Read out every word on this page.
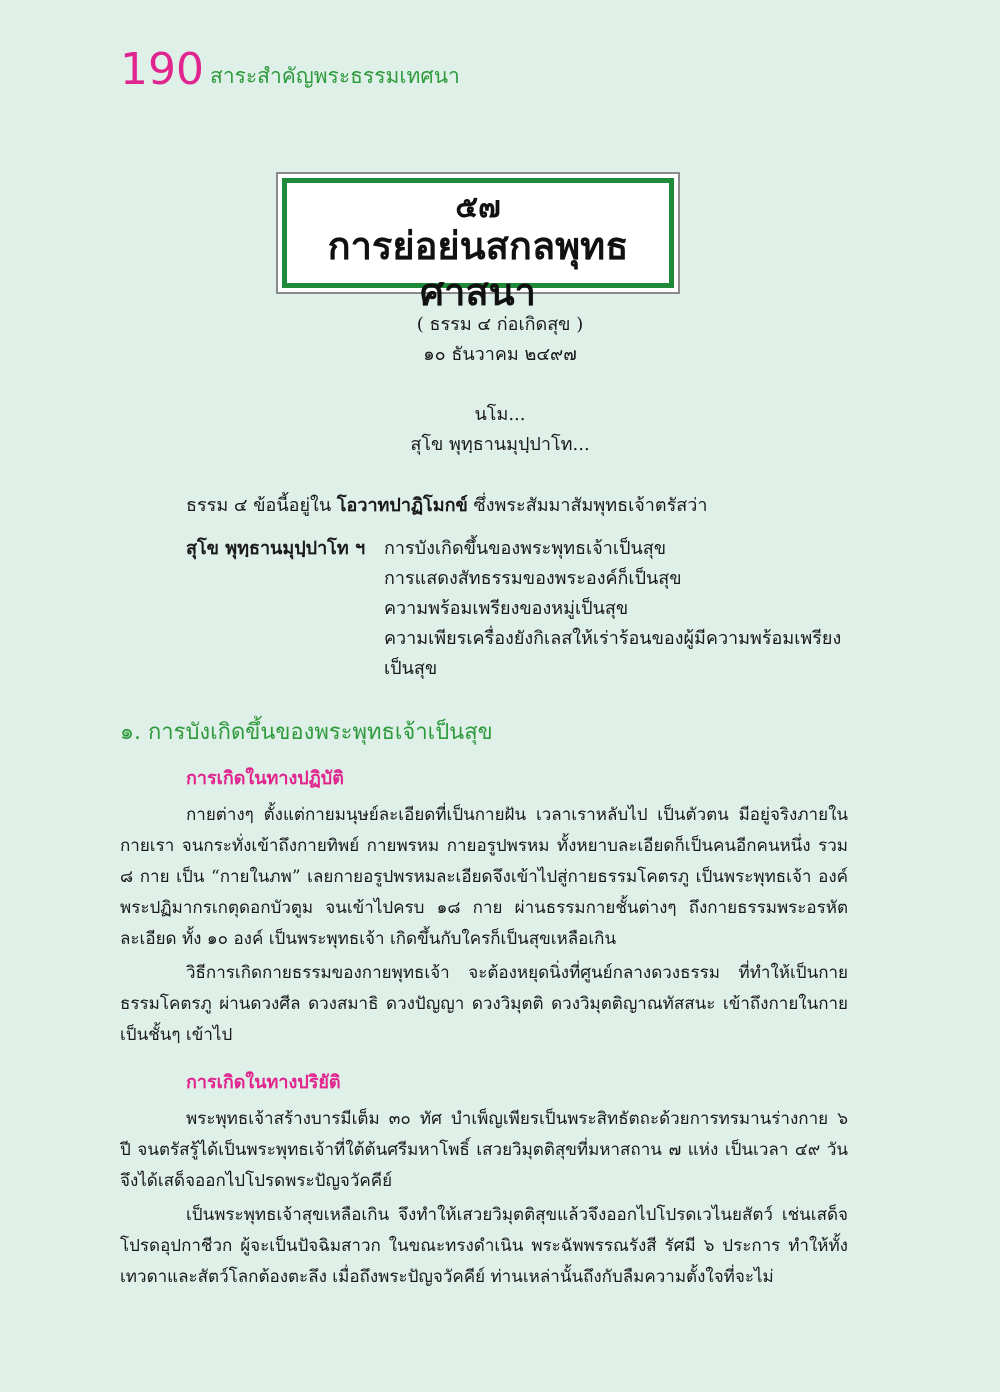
190 สาระสำคัญพระธรรมเทศนา
๕๗
การย่อย่นสกลพุทธศาสนา
( ธรรม ๔ ก่อเกิดสุข )
๑๐ ธันวาคม ๒๔๙๗
นโม...
สุโข พุทฺธานมุปฺปาโท...
ธรรม ๔ ข้อนี้อยู่ใน โอวาทปาฏิโมกข์ ซึ่งพระสัมมาสัมพุทธเจ้าตรัสว่า
สุโข พุทฺธานมุปฺปาโท ฯ การบังเกิดขึ้นของพระพุทธเจ้าเป็นสุข
การแสดงสัทธรรมของพระองค์ก็เป็นสุข
ความพร้อมเพรียงของหมู่เป็นสุข
ความเพียรเครื่องยังกิเลสให้เร่าร้อนของผู้มีความพร้อมเพรียง
เป็นสุข
๑. การบังเกิดขึ้นของพระพุทธเจ้าเป็นสุข
การเกิดในทางปฏิบัติ
กายต่างๆ ตั้งแต่กายมนุษย์ละเอียดที่เป็นกายฝัน เวลาเราหลับไป เป็นตัวตน มีอยู่จริงภายในกายเรา จนกระทั่งเข้าถึงกายทิพย์ กายพรหม กายอรูปพรหม ทั้งหยาบละเอียดก็เป็นคนอีกคนหนึ่ง รวม ๘ กาย เป็น “กายในภพ” เลยกายอรูปพรหมละเอียดจึงเข้าไปสู่กายธรรมโคตรภู เป็นพระพุทธเจ้า องค์พระปฏิมากรเกตุดอกบัวตูม จนเข้าไปครบ ๑๘ กาย ผ่านธรรมกายชั้นต่างๆ ถึงกายธรรมพระอรหัตละเอียด ทั้ง ๑๐ องค์ เป็นพระพุทธเจ้า เกิดขึ้นกับใครก็เป็นสุขเหลือเกิน
วิธีการเกิดกายธรรมของกายพุทธเจ้า จะต้องหยุดนิ่งที่ศูนย์กลางดวงธรรม ที่ทำให้เป็นกายธรรมโคตรภู ผ่านดวงศีล ดวงสมาธิ ดวงปัญญา ดวงวิมุตติ ดวงวิมุตติญาณทัสสนะ เข้าถึงกายในกายเป็นชั้นๆ เข้าไป
การเกิดในทางปริยัติ
พระพุทธเจ้าสร้างบารมีเต็ม ๓๐ ทัศ บำเพ็ญเพียรเป็นพระสิทธัตถะด้วยการทรมานร่างกาย ๖ ปี จนตรัสรู้ได้เป็นพระพุทธเจ้าที่ใต้ต้นศรีมหาโพธิ์ เสวยวิมุตติสุขที่มหาสถาน ๗ แห่ง เป็นเวลา ๔๙ วัน จึงได้เสด็จออกไปโปรดพระปัญจวัคคีย์
เป็นพระพุทธเจ้าสุขเหลือเกิน จึงทำให้เสวยวิมุตติสุขแล้วจึงออกไปโปรดเวไนยสัตว์ เช่นเสด็จโปรดอุปกาชีวก ผู้จะเป็นปัจฉิมสาวก ในขณะทรงดำเนิน พระฉัพพรรณรังสี รัศมี ๖ ประการ ทำให้ทั้งเทวดาและสัตว์โลกต้องตะลึง เมื่อถึงพระปัญจวัคคีย์ ท่านเหล่านั้นถึงกับลืมความตั้งใจที่จะไม่
